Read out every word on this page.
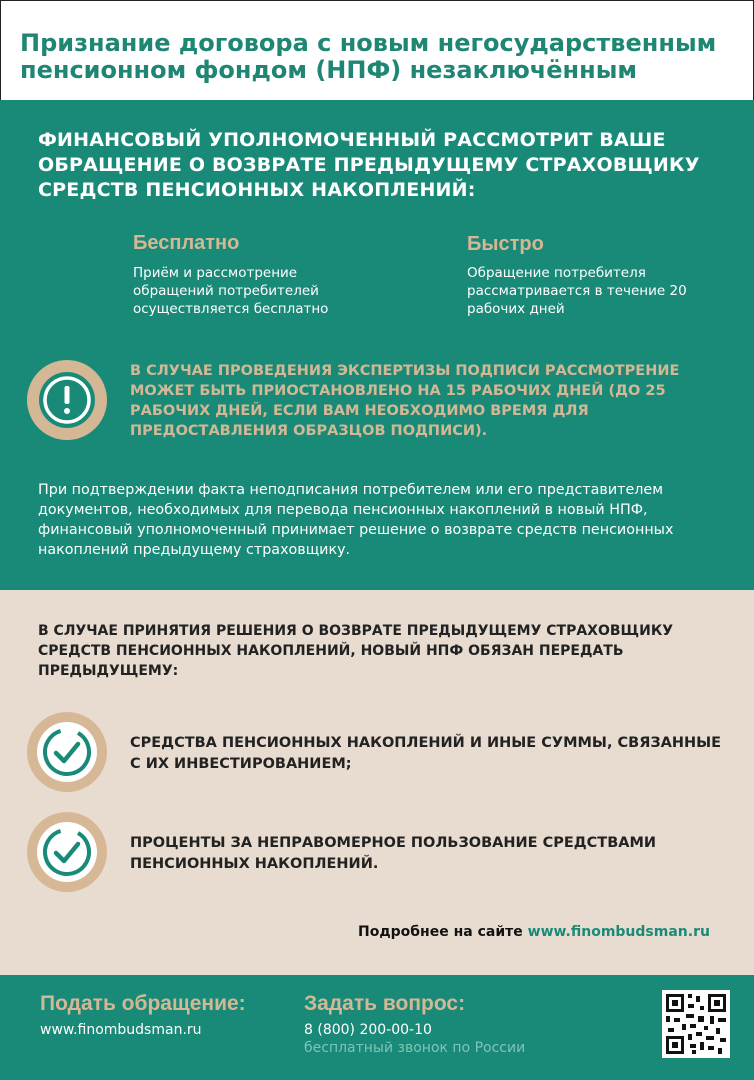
Признание договора с новым негосударственным пенсионном фондом (НПФ) незаключённым
ФИНАНСОВЫЙ УПОЛНОМОЧЕННЫЙ РАССМОТРИТ ВАШЕ ОБРАЩЕНИЕ О ВОЗВРАТЕ ПРЕДЫДУЩЕМУ СТРАХОВЩИКУ СРЕДСТВ ПЕНСИОННЫХ НАКОПЛЕНИЙ:
Бесплатно
Приём и рассмотрение обращений потребителей осуществляется бесплатно
Быстро
Обращение потребителя рассматривается в течение 20 рабочих дней
В СЛУЧАЕ ПРОВЕДЕНИЯ ЭКСПЕРТИЗЫ ПОДПИСИ РАССМОТРЕНИЕ МОЖЕТ БЫТЬ ПРИОСТАНОВЛЕНО НА 15 РАБОЧИХ ДНЕЙ (ДО 25 РАБОЧИХ ДНЕЙ, ЕСЛИ ВАМ НЕОБХОДИМО ВРЕМЯ ДЛЯ ПРЕДОСТАВЛЕНИЯ ОБРАЗЦОВ ПОДПИСИ).
При подтверждении факта неподписания потребителем или его представителем документов, необходимых для перевода пенсионных накоплений в новый НПФ, финансовый уполномоченный принимает решение о возврате средств пенсионных накоплений предыдущему страховщику.
В СЛУЧАЕ ПРИНЯТИЯ РЕШЕНИЯ О ВОЗВРАТЕ ПРЕДЫДУЩЕМУ СТРАХОВЩИКУ СРЕДСТВ ПЕНСИОННЫХ НАКОПЛЕНИЙ, НОВЫЙ НПФ ОБЯЗАН ПЕРЕДАТЬ ПРЕДЫДУЩЕМУ:
СРЕДСТВА ПЕНСИОННЫХ НАКОПЛЕНИЙ И ИНЫЕ СУММЫ, СВЯЗАННЫЕ С ИХ ИНВЕСТИРОВАНИЕМ;
ПРОЦЕНТЫ ЗА НЕПРАВОМЕРНОЕ ПОЛЬЗОВАНИЕ СРЕДСТВАМИ ПЕНСИОННЫХ НАКОПЛЕНИЙ.
Подробнее на сайте www.finombudsman.ru
Подать обращение:
www.finombudsman.ru
Задать вопрос:
8 (800) 200-00-10
бесплатный звонок по России
